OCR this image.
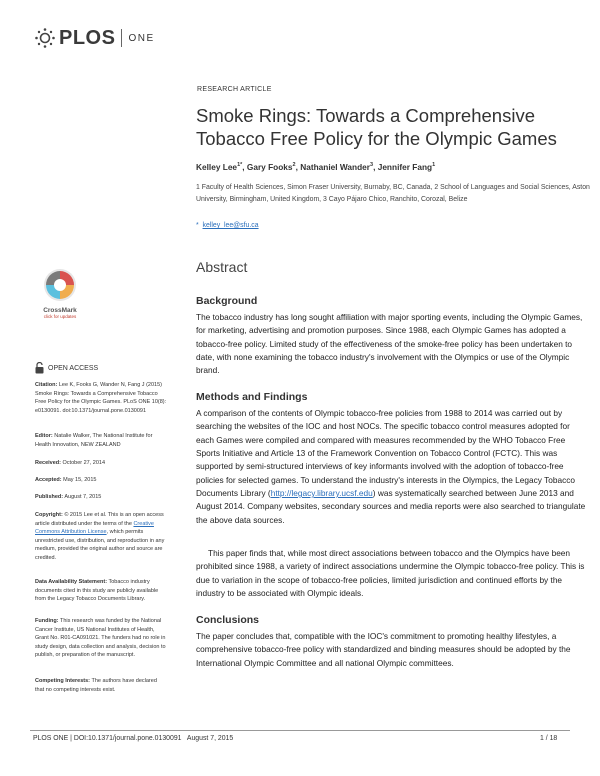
PLOS ONE
RESEARCH ARTICLE
Smoke Rings: Towards a Comprehensive Tobacco Free Policy for the Olympic Games
Kelley Lee$^{1*}$, Gary Fooks$^2$, Nathaniel Wander$^3$, Jennifer Fang$^1$
1 Faculty of Health Sciences, Simon Fraser University, Burnaby, BC, Canada, 2 School of Languages and Social Sciences, Aston University, Birmingham, United Kingdom, 3 Cayo Pájaro Chico, Ranchito, Corozal, Belize
* kelley_lee@sfu.ca
Abstract
Background
The tobacco industry has long sought affiliation with major sporting events, including the Olympic Games, for marketing, advertising and promotion purposes. Since 1988, each Olympic Games has adopted a tobacco-free policy. Limited study of the effectiveness of the smoke-free policy has been undertaken to date, with none examining the tobacco industry's involvement with the Olympics or use of the Olympic brand.
Methods and Findings
A comparison of the contents of Olympic tobacco-free policies from 1988 to 2014 was carried out by searching the websites of the IOC and host NOCs. The specific tobacco control measures adopted for each Games were compiled and compared with measures recommended by the WHO Tobacco Free Sports Initiative and Article 13 of the Framework Convention on Tobacco Control (FCTC). This was supported by semi-structured interviews of key informants involved with the adoption of tobacco-free policies for selected games. To understand the industry's interests in the Olympics, the Legacy Tobacco Documents Library (http://legacy.library.ucsf.edu) was systematically searched between June 2013 and August 2014. Company websites, secondary sources and media reports were also searched to triangulate the above data sources.
This paper finds that, while most direct associations between tobacco and the Olympics have been prohibited since 1988, a variety of indirect associations undermine the Olympic tobacco-free policy. This is due to variation in the scope of tobacco-free policies, limited jurisdiction and continued efforts by the industry to be associated with Olympic ideals.
Conclusions
The paper concludes that, compatible with the IOC's commitment to promoting healthy lifestyles, a comprehensive tobacco-free policy with standardized and binding measures should be adopted by the International Olympic Committee and all national Olympic committees.
CrossMark
click for updates
OPEN ACCESS
Citation: Lee K, Fooks G, Wander N, Fang J (2015) Smoke Rings: Towards a Comprehensive Tobacco Free Policy for the Olympic Games. PLoS ONE 10(8): e0130091. doi:10.1371/journal.pone.0130091
Editor: Natalie Walker, The National Institute for Health Innovation, NEW ZEALAND
Received: October 27, 2014
Accepted: May 15, 2015
Published: August 7, 2015
Copyright: © 2015 Lee et al. This is an open access article distributed under the terms of the Creative Commons Attribution License, which permits unrestricted use, distribution, and reproduction in any medium, provided the original author and source are credited.
Data Availability Statement: Tobacco industry documents cited in this study are publicly available from the Legacy Tobacco Documents Library.
Funding: This research was funded by the National Cancer Institute, US National Institutes of Health, Grant No. R01-CA091021. The funders had no role in study design, data collection and analysis, decision to publish, or preparation of the manuscript.
Competing Interests: The authors have declared that no competing interests exist.
PLOS ONE | DOI:10.1371/journal.pone.0130091   August 7, 2015	1 / 18
